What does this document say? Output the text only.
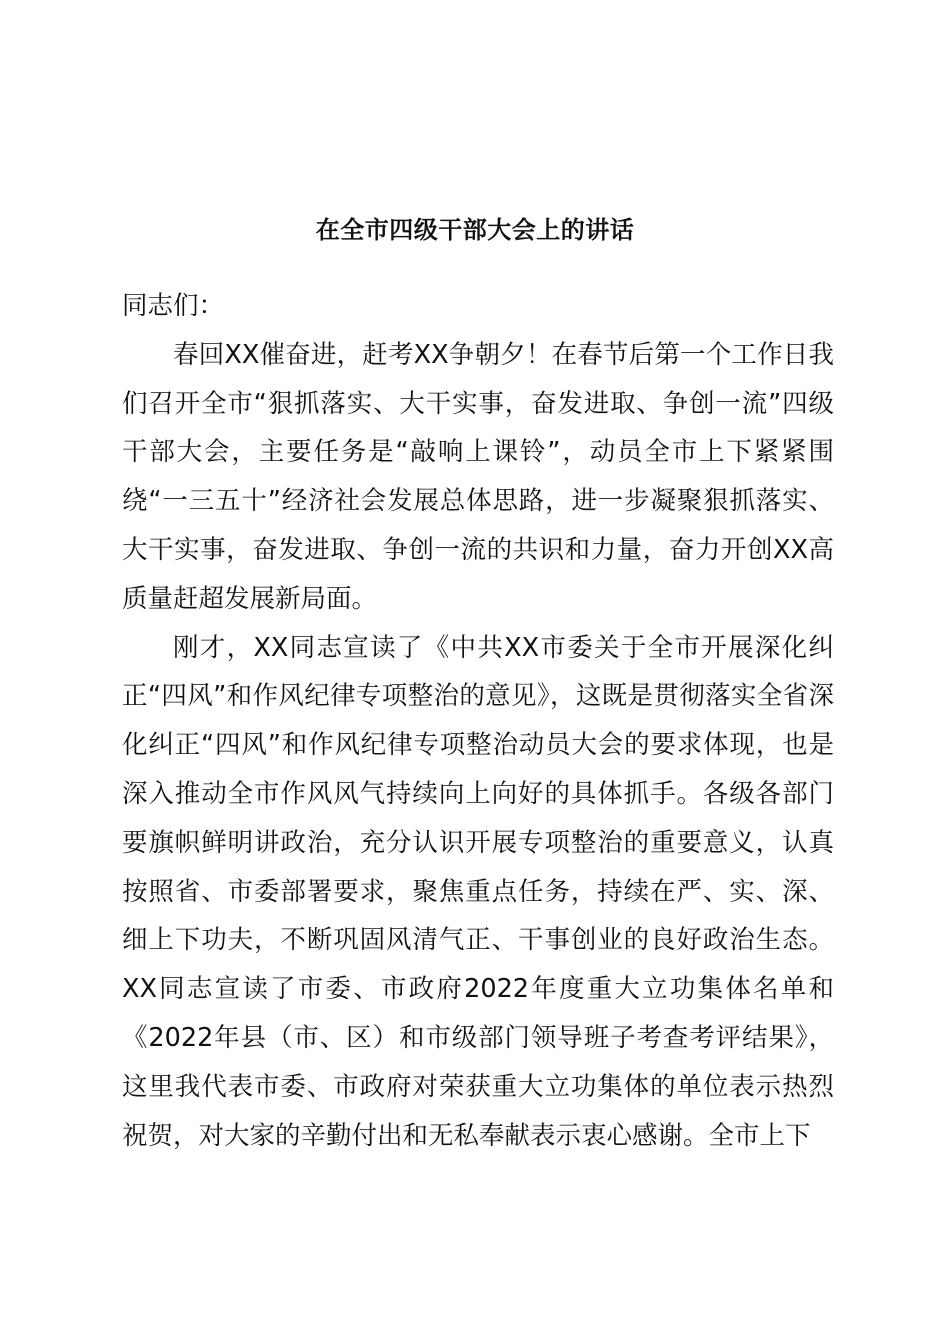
在全市四级干部大会上的讲话

同志们：

春回XX催奋进，赶考XX争朝夕！在春节后第一个工作日我们召开全市“狠抓落实、大干实事，奋发进取、争创一流”四级干部大会，主要任务是“敲响上课铃”，动员全市上下紧紧围绕“一三五十”经济社会发展总体思路，进一步凝聚狠抓落实、大干实事，奋发进取、争创一流的共识和力量，奋力开创XX高质量赶超发展新局面。

刚才，XX同志宣读了《中共XX市委关于全市开展深化纠正“四风”和作风纪律专项整治的意见》，这既是贯彻落实全省深化纠正“四风”和作风纪律专项整治动员大会的要求体现，也是深入推动全市作风风气持续向上向好的具体抓手。各级各部门要旗帜鲜明讲政治，充分认识开展专项整治的重要意义，认真按照省、市委部署要求，聚焦重点任务，持续在严、实、深、细上下功夫，不断巩固风清气正、干事创业的良好政治生态。XX同志宣读了市委、市政府2022年度重大立功集体名单和《2022年县（市、区）和市级部门领导班子考查考评结果》，这里我代表市委、市政府对荣获重大立功集体的单位表示热烈祝贺，对大家的辛勤付出和无私奉献表示衷心感谢。全市上下
